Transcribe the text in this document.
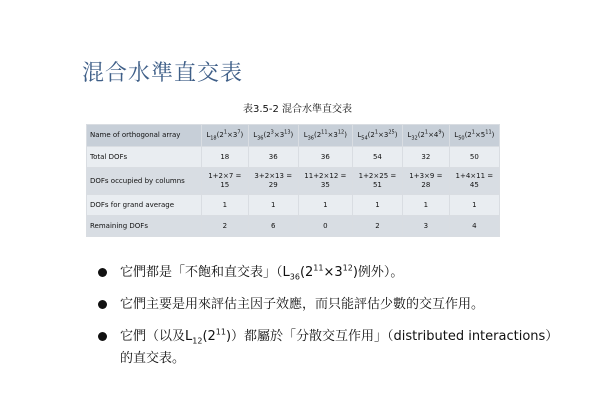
混合水準直交表
表3.5-2 混合水準直交表
Name of orthogonal array	$L_{18}(2^1\times 3^7)$	$L_{36}(2^3\times 3^{13})$	$L_{36}(2^{11}\times 3^{12})$	$L_{54}(2^1\times 3^{25})$	$L_{32}(2^1\times 4^9)$	$L_{50}(2^1\times 5^{11})$
Total DOFs	18	36	36	54	32	50
DOFs occupied by columns	1+2×7 = 15	3+2×13 = 29	11+2×12 = 35	1+2×25 = 51	1+3×9 = 28	1+4×11 = 45
DOFs for grand average	1	1	1	1	1	1
Remaining DOFs	2	6	0	2	3	4
它們都是「不飽和直交表」（$L_{36}(2^{11}\times 3^{12})$例外）。
它們主要是用來評估主因子效應，而只能評估少數的交互作用。
它們（以及$L_{12}(2^{11})$）都屬於「分散交互作用」（distributed interactions）的直交表。
